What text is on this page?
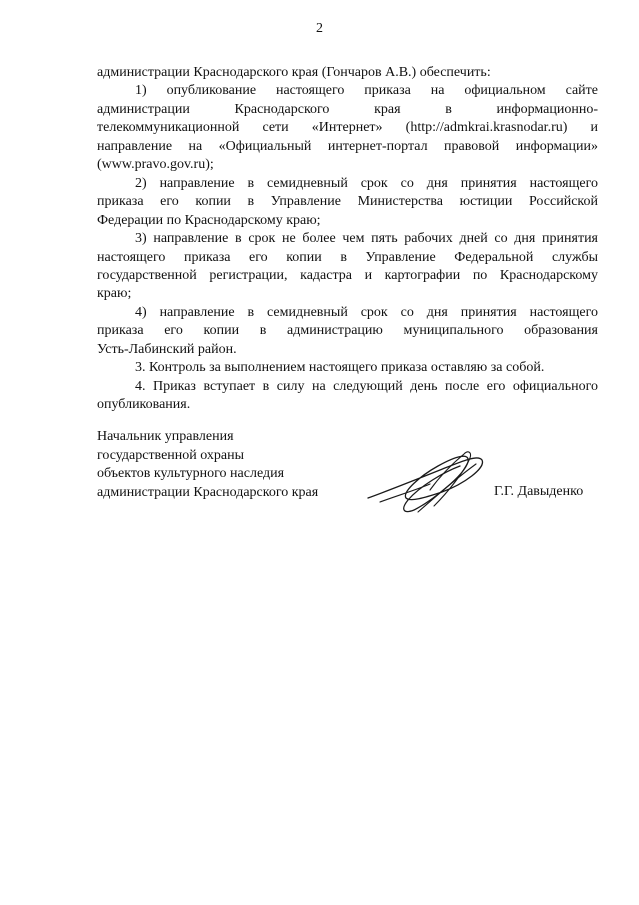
2
администрации Краснодарского края (Гончаров А.В.) обеспечить:
1) опубликование настоящего приказа на официальном сайте
администрации Краснодарского края в информационно-
телекоммуникационной сети «Интернет» (http://admkrai.krasnodar.ru) и
направление на «Официальный интернет-портал правовой информации»
(www.pravo.gov.ru);
2) направление в семидневный срок со дня принятия настоящего
приказа его копии в Управление Министерства юстиции Российской
Федерации по Краснодарскому краю;
3) направление в срок не более чем пять рабочих дней со дня принятия
настоящего приказа его копии в Управление Федеральной службы
государственной регистрации, кадастра и картографии по Краснодарскому
краю;
4) направление в семидневный срок со дня принятия настоящего
приказа его копии в администрацию муниципального образования
Усть-Лабинский район.
3. Контроль за выполнением настоящего приказа оставляю за собой.
4. Приказ вступает в силу на следующий день после его официального
опубликования.
Начальник управления
государственной охраны
объектов культурного наследия
администрации Краснодарского края	Г.Г. Давыденко
